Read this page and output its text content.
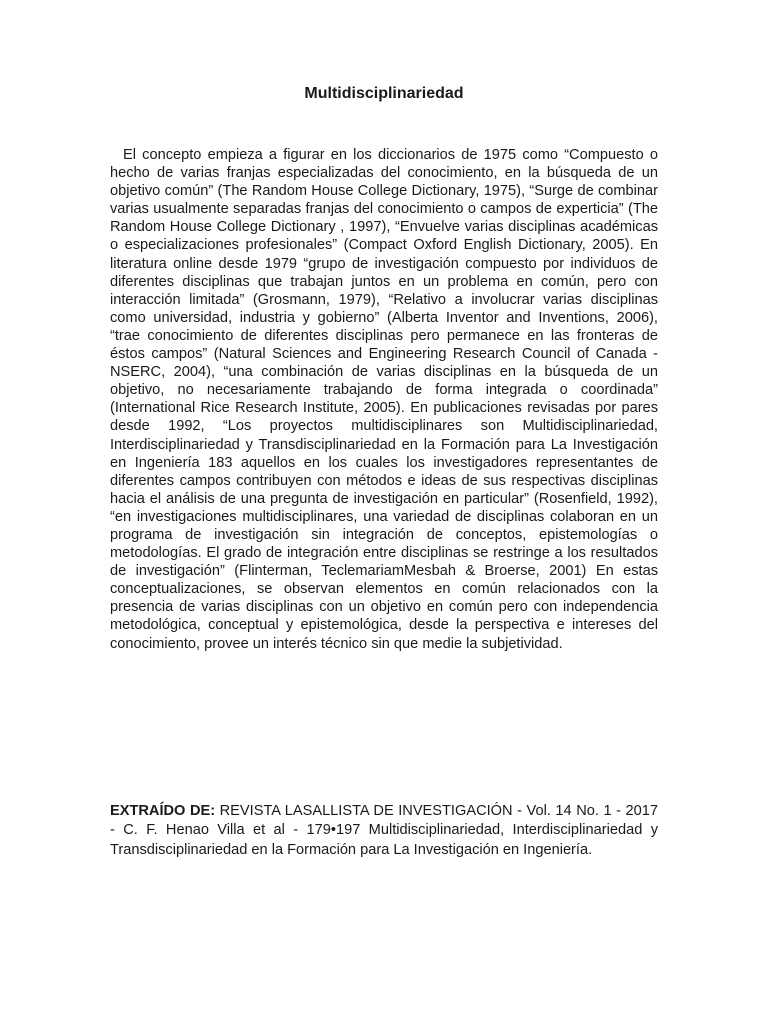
Multidisciplinariedad

El concepto empieza a figurar en los diccionarios de 1975 como “Compuesto o hecho de varias franjas especializadas del conocimiento, en la búsqueda de un objetivo común” (The Random House College Dictionary, 1975), “Surge de combinar varias usualmente separadas franjas del conocimiento o campos de experticia” (The Random House College Dictionary , 1997), “Envuelve varias disciplinas académicas o especializaciones profesionales” (Compact Oxford English Dictionary, 2005). En literatura online desde 1979 “grupo de investigación compuesto por individuos de diferentes disciplinas que trabajan juntos en un problema en común, pero con interacción limitada” (Grosmann, 1979), “Relativo a involucrar varias disciplinas como universidad, industria y gobierno” (Alberta Inventor and Inventions, 2006), “trae conocimiento de diferentes disciplinas pero permanece en las fronteras de éstos campos” (Natural Sciences and Engineering Research Council of Canada - NSERC, 2004), “una combinación de varias disciplinas en la búsqueda de un objetivo, no necesariamente trabajando de forma integrada o coordinada” (International Rice Research Institute, 2005). En publicaciones revisadas por pares desde 1992, “Los proyectos multidisciplinares son Multidisciplinariedad, Interdisciplinariedad y Transdisciplinariedad en la Formación para La Investigación en Ingeniería 183 aquellos en los cuales los investigadores representantes de diferentes campos contribuyen con métodos e ideas de sus respectivas disciplinas hacia el análisis de una pregunta de investigación en particular” (Rosenfield, 1992), “en investigaciones multidisciplinares, una variedad de disciplinas colaboran en un programa de investigación sin integración de conceptos, epistemologías o metodologías. El grado de integración entre disciplinas se restringe a los resultados de investigación” (Flinterman, TeclemariamMesbah & Broerse, 2001) En estas conceptualizaciones, se observan elementos en común relacionados con la presencia de varias disciplinas con un objetivo en común pero con independencia metodológica, conceptual y epistemológica, desde la perspectiva e intereses del conocimiento, provee un interés técnico sin que medie la subjetividad.

EXTRAÍDO DE: REVISTA LASALLISTA DE INVESTIGACIÓN - Vol. 14 No. 1 - 2017 - C. F. Henao Villa et al - 179•197 Multidisciplinariedad, Interdisciplinariedad y Transdisciplinariedad en la Formación para La Investigación en Ingeniería.
